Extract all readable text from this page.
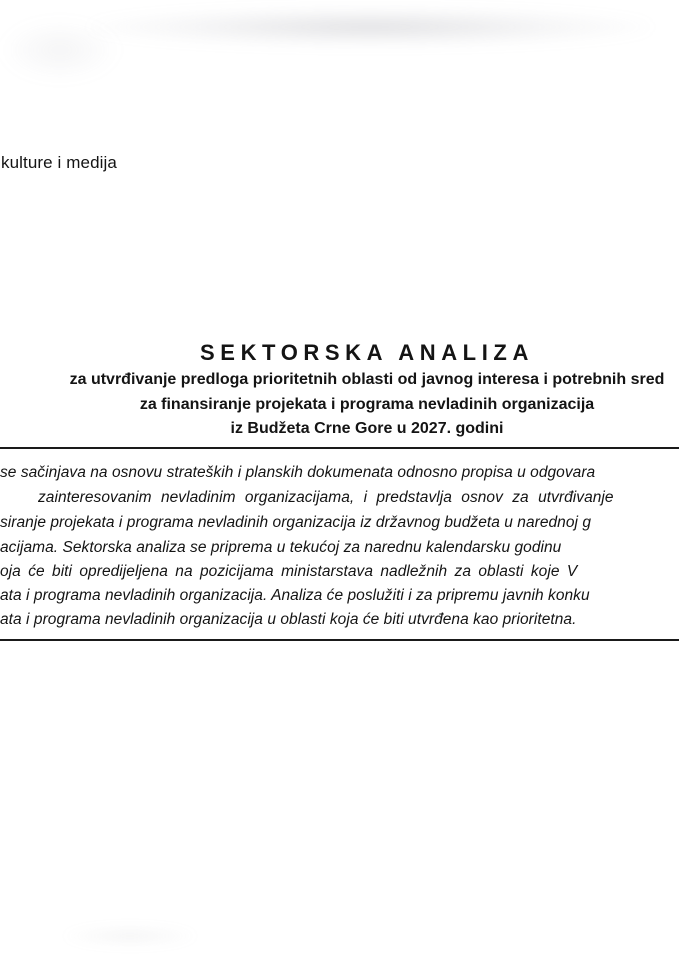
kulture i medija
SEKTORSKA ANALIZA
za utvrđivanje predloga prioritetnih oblasti od javnog interesa i potrebnih sred
za finansiranje projekata i programa nevladinih organizacija
iz Budžeta Crne Gore u 2027. godini
se sačinjava na osnovu strateških i planskih dokumenata odnosno propisa u odgovara
zainteresovanim nevladinim organizacijama, i predstavlja osnov za utvrđivanje
siranje projekata i programa nevladinih organizacija iz državnog budžeta u narednoj g
acijama. Sektorska analiza se priprema u tekućoj za narednu kalendarsku godinu
oja će biti opredijeljena na pozicijama ministarstava nadležnih za oblasti koje V
ata i programa nevladinih organizacija. Analiza će poslužiti i za pripremu javnih konku
ata i programa nevladinih organizacija u oblasti koja će biti utvrđena kao prioritetna.
